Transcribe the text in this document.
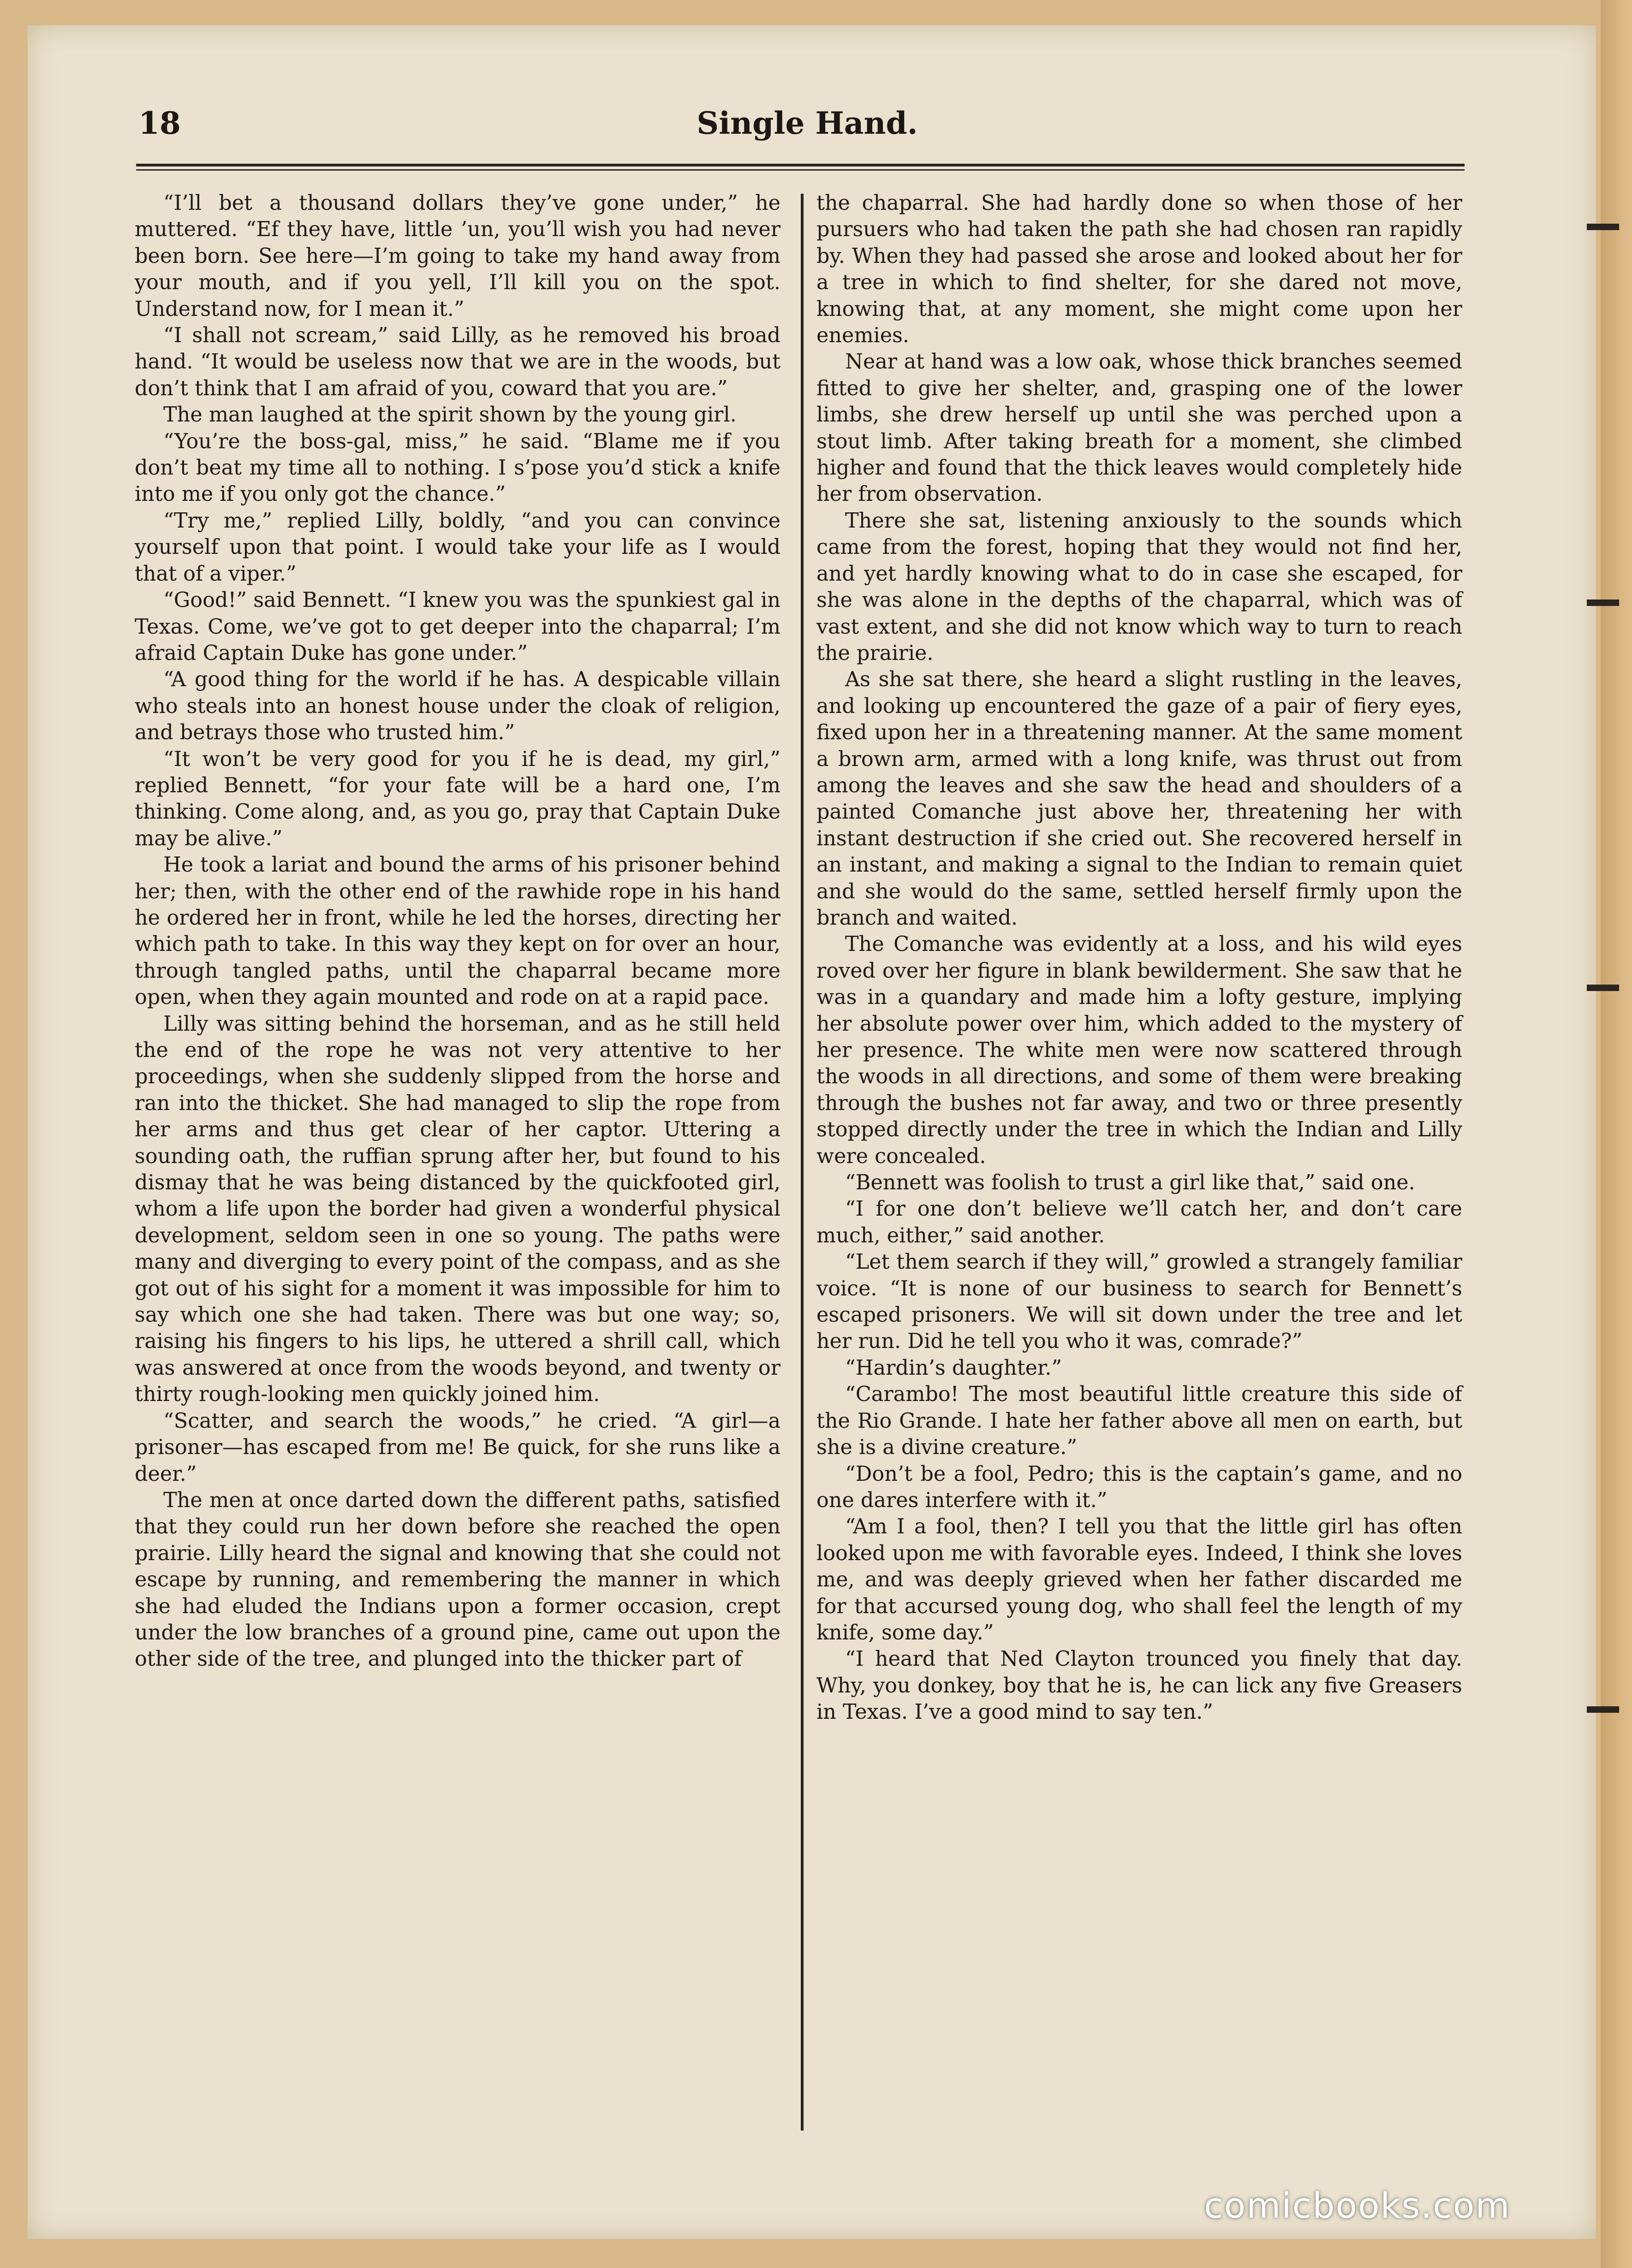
18	Single Hand.

“I’ll bet a thousand dollars they’ve gone under,” he muttered. “Ef they have, little ’un, you’ll wish you had never been born. See here—I’m going to take my hand away from your mouth, and if you yell, I’ll kill you on the spot. Understand now, for I mean it.”

“I shall not scream,” said Lilly, as he removed his broad hand. “It would be useless now that we are in the woods, but don’t think that I am afraid of you, coward that you are.”

The man laughed at the spirit shown by the young girl.

“You’re the boss-gal, miss,” he said. “Blame me if you don’t beat my time all to nothing. I s’pose you’d stick a knife into me if you only got the chance.”

“Try me,” replied Lilly, boldly, “and you can convince yourself upon that point. I would take your life as I would that of a viper.”

“Good!” said Bennett. “I knew you was the spunkiest gal in Texas. Come, we’ve got to get deeper into the chaparral; I’m afraid Captain Duke has gone under.”

“A good thing for the world if he has. A despicable villain who steals into an honest house under the cloak of religion, and betrays those who trusted him.”

“It won’t be very good for you if he is dead, my girl,” replied Bennett, “for your fate will be a hard one, I’m thinking. Come along, and, as you go, pray that Captain Duke may be alive.”

He took a lariat and bound the arms of his prisoner behind her; then, with the other end of the rawhide rope in his hand he ordered her in front, while he led the horses, directing her which path to take. In this way they kept on for over an hour, through tangled paths, until the chaparral became more open, when they again mounted and rode on at a rapid pace.

Lilly was sitting behind the horseman, and as he still held the end of the rope he was not very attentive to her proceedings, when she suddenly slipped from the horse and ran into the thicket. She had managed to slip the rope from her arms and thus get clear of her captor. Uttering a sounding oath, the ruffian sprung after her, but found to his dismay that he was being distanced by the quickfooted girl, whom a life upon the border had given a wonderful physical development, seldom seen in one so young. The paths were many and diverging to every point of the compass, and as she got out of his sight for a moment it was impossible for him to say which one she had taken. There was but one way; so, raising his fingers to his lips, he uttered a shrill call, which was answered at once from the woods beyond, and twenty or thirty rough-looking men quickly joined him.

“Scatter, and search the woods,” he cried. “A girl—a prisoner—has escaped from me! Be quick, for she runs like a deer.”

The men at once darted down the different paths, satisfied that they could run her down before she reached the open prairie. Lilly heard the signal and knowing that she could not escape by running, and remembering the manner in which she had eluded the Indians upon a former occasion, crept under the low branches of a ground pine, came out upon the other side of the tree, and plunged into the thicker part of

the chaparral. She had hardly done so when those of her pursuers who had taken the path she had chosen ran rapidly by. When they had passed she arose and looked about her for a tree in which to find shelter, for she dared not move, knowing that, at any moment, she might come upon her enemies.

Near at hand was a low oak, whose thick branches seemed fitted to give her shelter, and, grasping one of the lower limbs, she drew herself up until she was perched upon a stout limb. After taking breath for a moment, she climbed higher and found that the thick leaves would completely hide her from observation.

There she sat, listening anxiously to the sounds which came from the forest, hoping that they would not find her, and yet hardly knowing what to do in case she escaped, for she was alone in the depths of the chaparral, which was of vast extent, and she did not know which way to turn to reach the prairie.

As she sat there, she heard a slight rustling in the leaves, and looking up encountered the gaze of a pair of fiery eyes, fixed upon her in a threatening manner. At the same moment a brown arm, armed with a long knife, was thrust out from among the leaves and she saw the head and shoulders of a painted Comanche just above her, threatening her with instant destruction if she cried out. She recovered herself in an instant, and making a signal to the Indian to remain quiet and she would do the same, settled herself firmly upon the branch and waited.

The Comanche was evidently at a loss, and his wild eyes roved over her figure in blank bewilderment. She saw that he was in a quandary and made him a lofty gesture, implying her absolute power over him, which added to the mystery of her presence. The white men were now scattered through the woods in all directions, and some of them were breaking through the bushes not far away, and two or three presently stopped directly under the tree in which the Indian and Lilly were concealed.

“Bennett was foolish to trust a girl like that,” said one.

“I for one don’t believe we’ll catch her, and don’t care much, either,” said another.

“Let them search if they will,” growled a strangely familiar voice. “It is none of our business to search for Bennett’s escaped prisoners. We will sit down under the tree and let her run. Did he tell you who it was, comrade?”

“Hardin’s daughter.”

“Carambo! The most beautiful little creature this side of the Rio Grande. I hate her father above all men on earth, but she is a divine creature.”

“Don’t be a fool, Pedro; this is the captain’s game, and no one dares interfere with it.”

“Am I a fool, then? I tell you that the little girl has often looked upon me with favorable eyes. Indeed, I think she loves me, and was deeply grieved when her father discarded me for that accursed young dog, who shall feel the length of my knife, some day.”

“I heard that Ned Clayton trounced you finely that day. Why, you donkey, boy that he is, he can lick any five Greasers in Texas. I’ve a good mind to say ten.”

comicbooks.com
